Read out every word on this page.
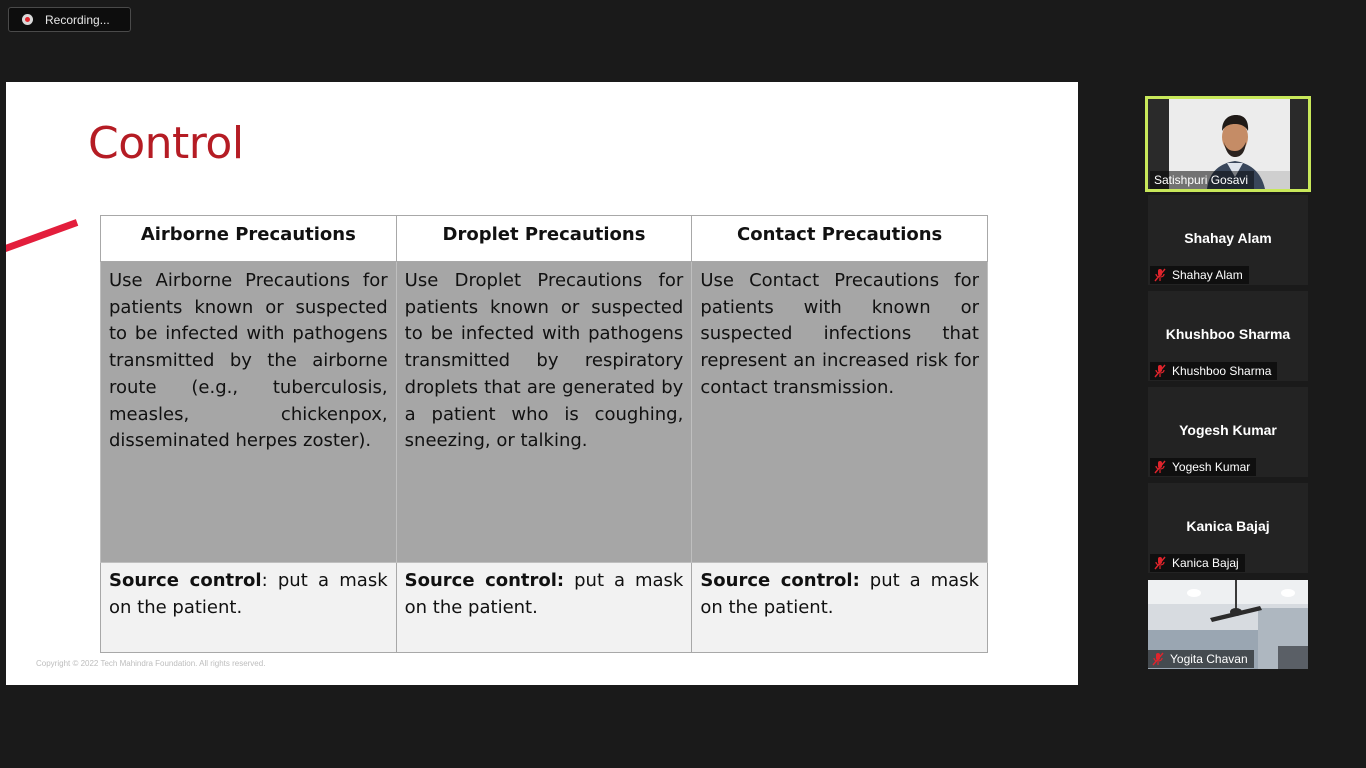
Recording...
Control
Airborne Precautions	Droplet Precautions	Contact Precautions
Use Airborne Precautions for patients known or suspected to be infected with pathogens transmitted by the airborne route (e.g., tuberculosis, measles, chickenpox, disseminated herpes zoster).	Use Droplet Precautions for patients known or suspected to be infected with pathogens transmitted by respiratory droplets that are generated by a patient who is coughing, sneezing, or talking.	Use Contact Precautions for patients with known or suspected infections that represent an increased risk for contact transmission.
Source control: put a mask on the patient.	Source control: put a mask on the patient.	Source control: put a mask on the patient.
Copyright © 2022 Tech Mahindra Foundation. All rights reserved.
Satishpuri Gosavi
Shahay Alam
Shahay Alam
Khushboo Sharma
Khushboo Sharma
Yogesh Kumar
Yogesh Kumar
Kanica Bajaj
Kanica Bajaj
Yogita Chavan
